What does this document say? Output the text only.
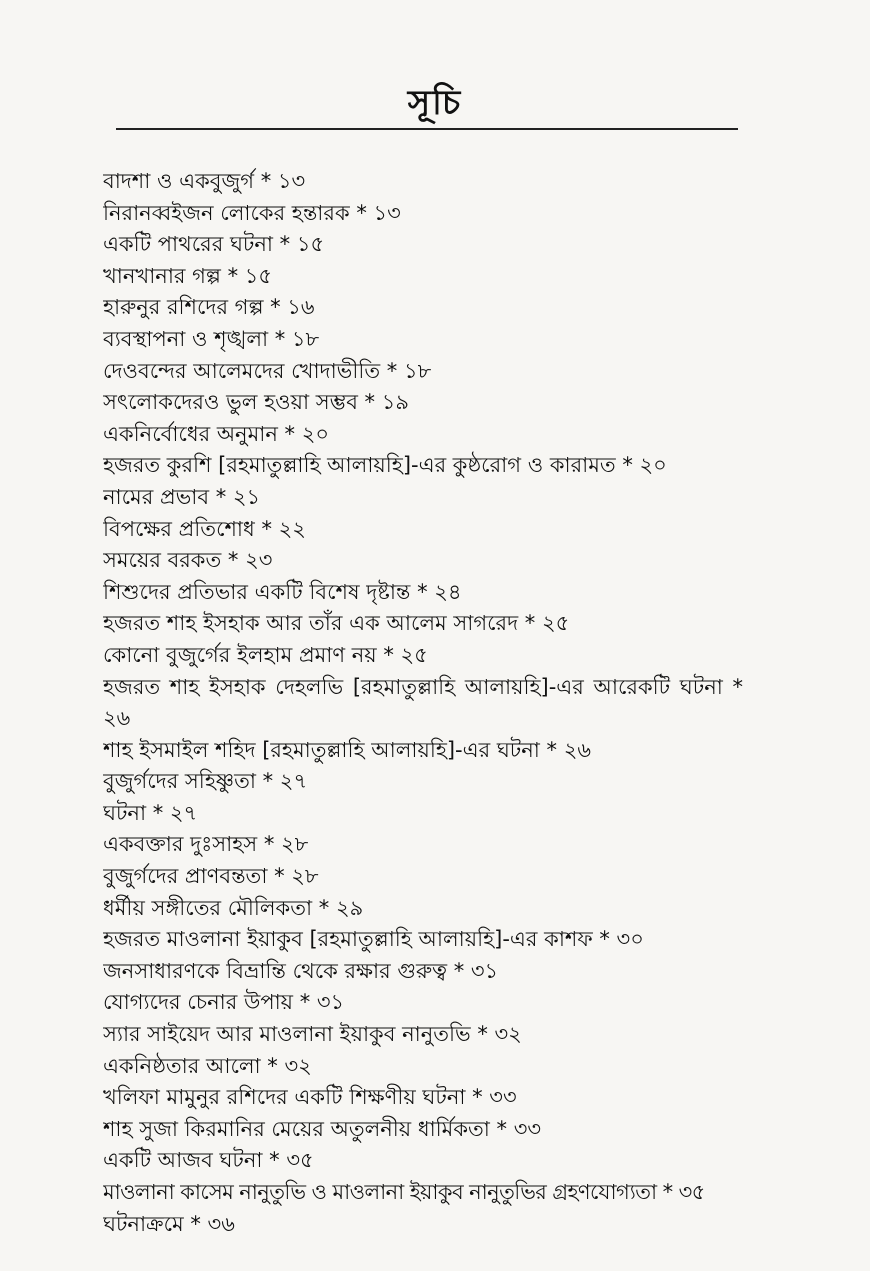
সূচি
বাদশা ও একবুজুর্গ * ১৩
নিরানব্বইজন লোকের হন্তারক * ১৩
একটি পাথরের ঘটনা * ১৫
খানখানার গল্প * ১৫
হারুনুর রশিদের গল্প * ১৬
ব্যবস্থাপনা ও শৃঙ্খলা * ১৮
দেওবন্দের আলেমদের খোদাভীতি * ১৮
সৎলোকদেরও ভুল হওয়া সম্ভব * ১৯
একনির্বোধের অনুমান * ২০
হজরত কুরশি [রহমাতুল্লাহি আলায়হি]-এর কুষ্ঠরোগ ও কারামত * ২০
নামের প্রভাব * ২১
বিপক্ষের প্রতিশোধ * ২২
সময়ের বরকত * ২৩
শিশুদের প্রতিভার একটি বিশেষ দৃষ্টান্ত * ২৪
হজরত শাহ ইসহাক আর তাঁর এক আলেম সাগরেদ * ২৫
কোনো বুজুর্গের ইলহাম প্রমাণ নয় * ২৫
হজরত শাহ ইসহাক দেহলভি [রহমাতুল্লাহি আলায়হি]-এর আরেকটি ঘটনা * ২৬
শাহ ইসমাইল শহিদ [রহমাতুল্লাহি আলায়হি]-এর ঘটনা * ২৬
বুজুর্গদের সহিষ্ণুতা * ২৭
ঘটনা * ২৭
একবক্তার দুঃসাহস * ২৮
বুজুর্গদের প্রাণবন্ততা * ২৮
ধর্মীয় সঙ্গীতের মৌলিকতা * ২৯
হজরত মাওলানা ইয়াকুব [রহমাতুল্লাহি আলায়হি]-এর কাশফ * ৩০
জনসাধারণকে বিভ্রান্তি থেকে রক্ষার গুরুত্ব * ৩১
যোগ্যদের চেনার উপায় * ৩১
স্যার সাইয়েদ আর মাওলানা ইয়াকুব নানুতভি * ৩২
একনিষ্ঠতার আলো * ৩২
খলিফা মামুনুর রশিদের একটি শিক্ষণীয় ঘটনা * ৩৩
শাহ সুজা কিরমানির মেয়ের অতুলনীয় ধার্মিকতা * ৩৩
একটি আজব ঘটনা * ৩৫
মাওলানা কাসেম নানুতুভি ও মাওলানা ইয়াকুব নানুতুভির গ্রহণযোগ্যতা * ৩৫
ঘটনাক্রমে * ৩৬
